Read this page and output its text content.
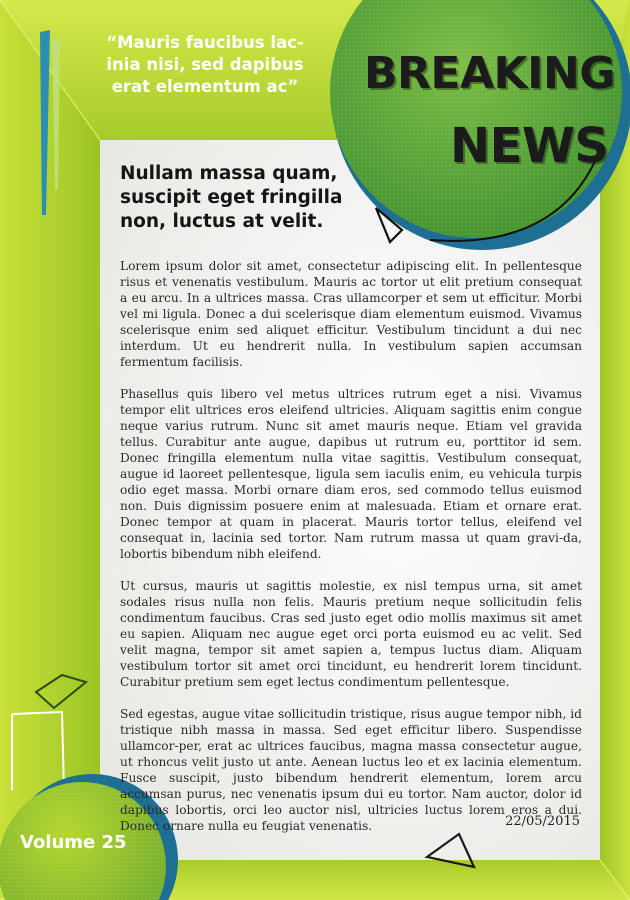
“Mauris faucibus lac-inia nisi, sed dapibus erat elementum ac” BREAKING
NEWS
Nullam massa quam, suscipit eget fringilla non, luctus at velit.

Lorem ipsum dolor sit amet, consectetur adipiscing elit. In pellentesque risus et venenatis vestibulum. Mauris ac tortor ut elit pretium consequat a eu arcu. In a ultrices massa. Cras ullamcorper et sem ut efficitur. Morbi vel mi ligula. Donec a dui scelerisque diam elementum euismod. Vivamus scelerisque enim sed aliquet efficitur. Vestibulum tincidunt a dui nec interdum. Ut eu hendrerit nulla. In vestibulum sapien accumsan fermentum facilisis.

Phasellus quis libero vel metus ultrices rutrum eget a nisi. Vivamus tempor elit ultrices eros eleifend ultricies. Aliquam sagittis enim congue neque varius rutrum. Nunc sit amet mauris neque. Etiam vel gravida tellus. Curabitur ante augue, dapibus ut rutrum eu, porttitor id sem. Donec fringilla elementum nulla vitae sagittis. Vestibulum consequat, augue id laoreet pellentesque, ligula sem iaculis enim, eu vehicula turpis odio eget massa. Morbi ornare diam eros, sed commodo tellus euismod non. Duis dignissim posuere enim at malesuada. Etiam et ornare erat. Donec tempor at quam in placerat. Mauris tortor tellus, eleifend vel consequat in, lacinia sed tortor. Nam rutrum massa ut quam gravi-da, lobortis bibendum nibh eleifend.

Ut cursus, mauris ut sagittis molestie, ex nisl tempus urna, sit amet sodales risus nulla non felis. Mauris pretium neque sollicitudin felis condimentum faucibus. Cras sed justo eget odio mollis maximus sit amet eu sapien. Aliquam nec augue eget orci porta euismod eu ac velit. Sed velit magna, tempor sit amet sapien a, tempus luctus diam. Aliquam vestibulum tortor sit amet orci tincidunt, eu hendrerit lorem tincidunt. Curabitur pretium sem eget lectus condimentum pellentesque.

Sed egestas, augue vitae sollicitudin tristique, risus augue tempor nibh, id tristique nibh massa in massa. Sed eget efficitur libero. Suspendisse ullamcor-per, erat ac ultrices faucibus, magna massa consectetur augue, ut rhoncus velit justo ut ante. Aenean luctus leo et ex lacinia elementum. Fusce suscipit, justo bibendum hendrerit elementum, lorem arcu accumsan purus, nec venenatis ipsum dui eu tortor. Nam auctor, dolor id dapibus lobortis, orci leo auctor nisl, ultricies luctus lorem eros a dui. Donec ornare nulla eu feugiat venenatis.	22/05/2015
Volume 25
